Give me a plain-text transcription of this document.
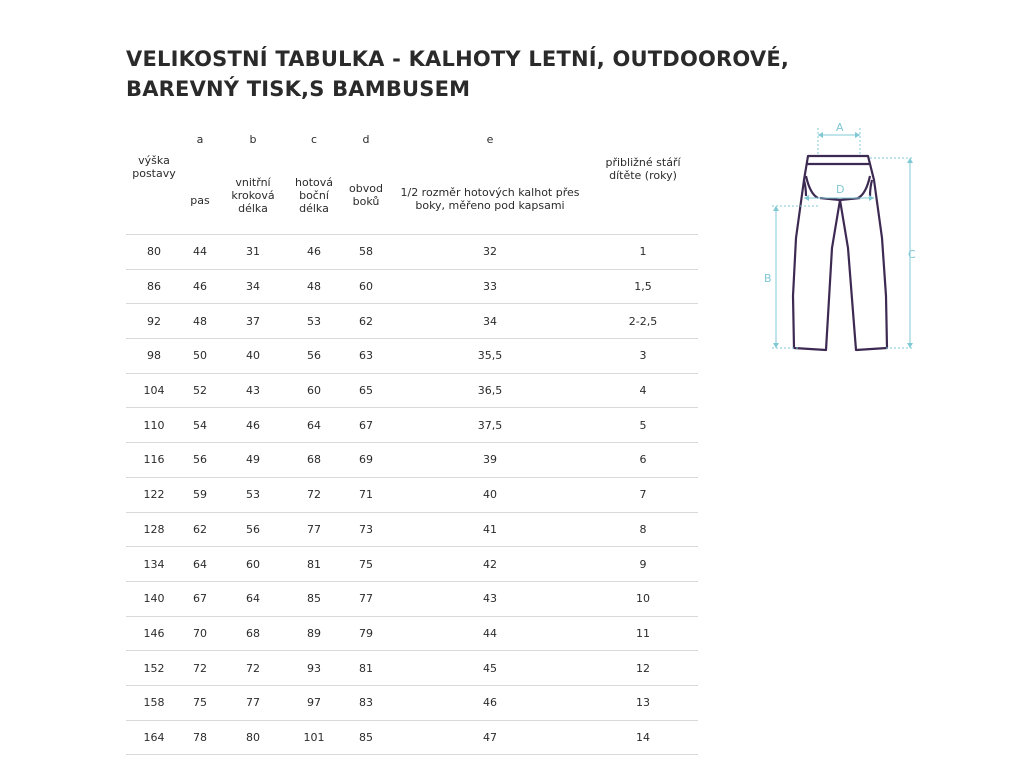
VELIKOSTNÍ TABULKA - KALHOTY LETNÍ, OUTDOOROVÉ,
BAREVNÝ TISK,S BAMBUSEM
	a	b	c	d	e	
výška postavy	pas	vnitřní kroková délka	hotová boční délka	obvod boků	1/2 rozměr hotových kalhot přes boky, měřeno pod kapsami	přibližné stáří dítěte (roky)
80	44	31	46	58	32	1
86	46	34	48	60	33	1,5
92	48	37	53	62	34	2-2,5
98	50	40	56	63	35,5	3
104	52	43	60	65	36,5	4
110	54	46	64	67	37,5	5
116	56	49	68	69	39	6
122	59	53	72	71	40	7
128	62	56	77	73	41	8
134	64	60	81	75	42	9
140	67	64	85	77	43	10
146	70	68	89	79	44	11
152	72	72	93	81	45	12
158	75	77	97	83	46	13
164	78	80	101	85	47	14
A
D
C
B
